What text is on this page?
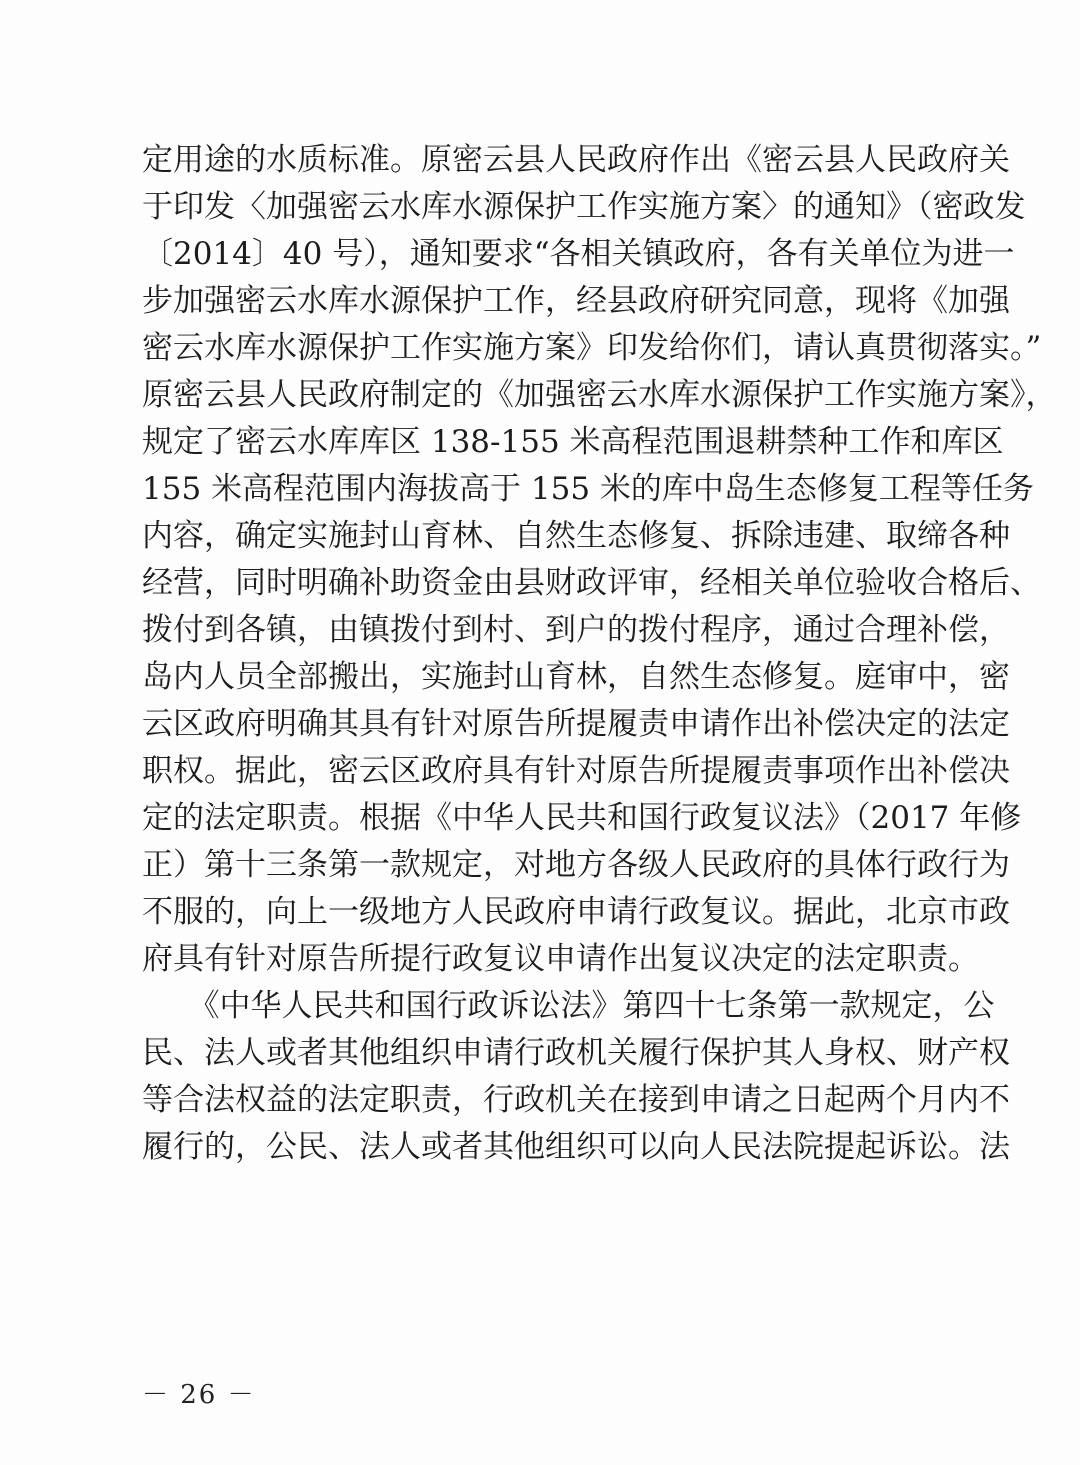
定用途的水质标准。原密云县人民政府作出《密云县人民政府关
于印发〈加强密云水库水源保护工作实施方案〉的通知》（密政发
〔2014〕40 号），通知要求“各相关镇政府，各有关单位为进一
步加强密云水库水源保护工作，经县政府研究同意，现将《加强
密云水库水源保护工作实施方案》印发给你们，请认真贯彻落实。”
原密云县人民政府制定的《加强密云水库水源保护工作实施方案》，
规定了密云水库库区 138-155 米高程范围退耕禁种工作和库区
155 米高程范围内海拔高于 155 米的库中岛生态修复工程等任务
内容，确定实施封山育林、自然生态修复、拆除违建、取缔各种
经营，同时明确补助资金由县财政评审，经相关单位验收合格后、
拨付到各镇，由镇拨付到村、到户的拨付程序，通过合理补偿，
岛内人员全部搬出，实施封山育林，自然生态修复。庭审中，密
云区政府明确其具有针对原告所提履责申请作出补偿决定的法定
职权。据此，密云区政府具有针对原告所提履责事项作出补偿决
定的法定职责。根据《中华人民共和国行政复议法》（2017 年修
正）第十三条第一款规定，对地方各级人民政府的具体行政行为
不服的，向上一级地方人民政府申请行政复议。据此，北京市政
府具有针对原告所提行政复议申请作出复议决定的法定职责。
　　《中华人民共和国行政诉讼法》第四十七条第一款规定，公
民、法人或者其他组织申请行政机关履行保护其人身权、财产权
等合法权益的法定职责，行政机关在接到申请之日起两个月内不
履行的，公民、法人或者其他组织可以向人民法院提起诉讼。法
－ 26 －
